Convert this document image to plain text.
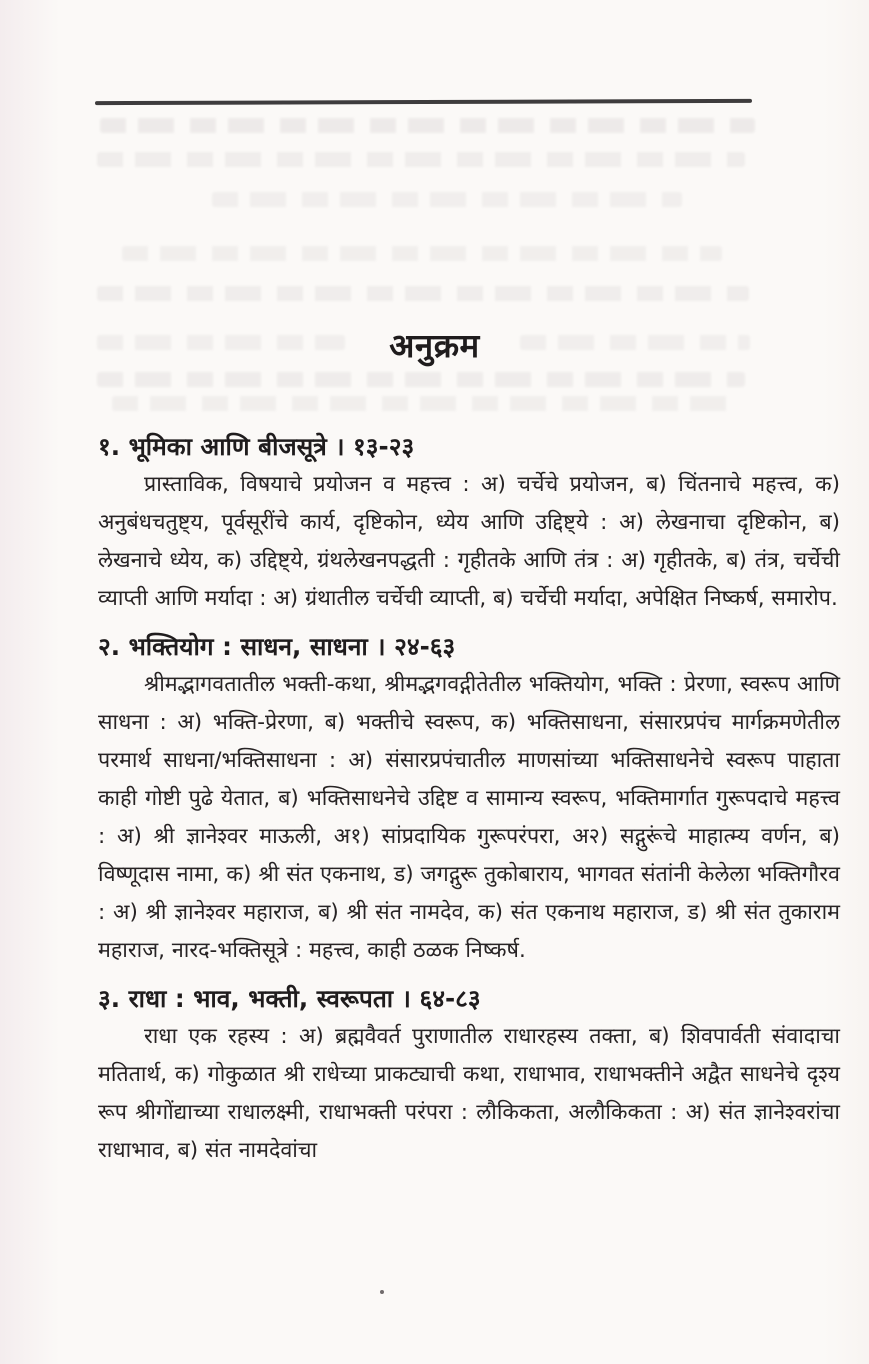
अनुक्रम
१. भूमिका आणि बीजसूत्रे । १३-२३

प्रास्ताविक, विषयाचे प्रयोजन व महत्त्व : अ) चर्चेचे प्रयोजन, ब) चिंतनाचे महत्त्व, क) अनुबंधचतुष्ट्य, पूर्वसूरींचे कार्य, दृष्टिकोन, ध्येय आणि उद्दिष्ट्ये : अ) लेखनाचा दृष्टिकोन, ब) लेखनाचे ध्येय, क) उद्दिष्ट्ये, ग्रंथलेखनपद्धती : गृहीतके आणि तंत्र : अ) गृहीतके, ब) तंत्र, चर्चेची व्याप्ती आणि मर्यादा : अ) ग्रंथातील चर्चेची व्याप्ती, ब) चर्चेची मर्यादा, अपेक्षित निष्कर्ष, समारोप.

२. भक्तियोग : साधन, साधना । २४-६३

श्रीमद्भागवतातील भक्ती-कथा, श्रीमद्भगवद्गीतेतील भक्तियोग, भक्ति : प्रेरणा, स्वरूप आणि साधना : अ) भक्ति-प्रेरणा, ब) भक्तीचे स्वरूप, क) भक्तिसाधना, संसारप्रपंच मार्गक्रमणेतील परमार्थ साधना/भक्तिसाधना : अ) संसारप्रपंचातील माणसांच्या भक्तिसाधनेचे स्वरूप पाहाता काही गोष्टी पुढे येतात, ब) भक्तिसाधनेचे उद्दिष्ट व सामान्य स्वरूप, भक्तिमार्गात गुरूपदाचे महत्त्व : अ) श्री ज्ञानेश्वर माऊली, अ१) सांप्रदायिक गुरूपरंपरा, अ२) सद्गुरूंचे माहात्म्य वर्णन, ब) विष्णूदास नामा, क) श्री संत एकनाथ, ड) जगद्गुरू तुकोबाराय, भागवत संतांनी केलेला भक्तिगौरव : अ) श्री ज्ञानेश्वर महाराज, ब) श्री संत नामदेव, क) संत एकनाथ महाराज, ड) श्री संत तुकाराम महाराज, नारद-भक्तिसूत्रे : महत्त्व, काही ठळक निष्कर्ष.

३. राधा : भाव, भक्ती, स्वरूपता । ६४-८३

राधा एक रहस्य : अ) ब्रह्मवैवर्त पुराणातील राधारहस्य तक्ता, ब) शिवपार्वती संवादाचा मतितार्थ, क) गोकुळात श्री राधेच्या प्राकट्याची कथा, राधाभाव, राधाभक्तीने अद्वैत साधनेचे दृश्य रूप श्रीगोंद्याच्या राधालक्ष्मी, राधाभक्ती परंपरा : लौकिकता, अलौकिकता : अ) संत ज्ञानेश्वरांचा राधाभाव, ब) संत नामदेवांचा
